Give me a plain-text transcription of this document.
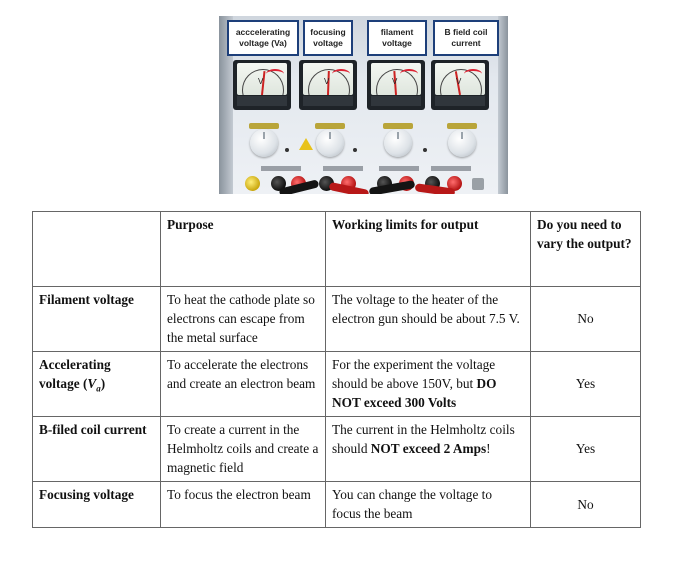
acccelerating
voltage (Va)
focusing
voltage
filament
voltage
B field coil
current
V	V	V	V
	Purpose	Working limits for output	Do you need to vary the output?
Filament voltage	To heat the cathode plate so electrons can escape from the metal surface	The voltage to the heater of the electron gun should be about 7.5 V.	No
Accelerating voltage $(V_a)$	To accelerate the electrons and create an electron beam	For the experiment the voltage should be above 150V, but DO NOT exceed 300 Volts	Yes
B-filed coil current	To create a current in the Helmholtz coils and create a magnetic field	The current in the Helmholtz coils should NOT exceed 2 Amps!	Yes
Focusing voltage	To focus the electron beam	You can change the voltage to focus the beam	No
